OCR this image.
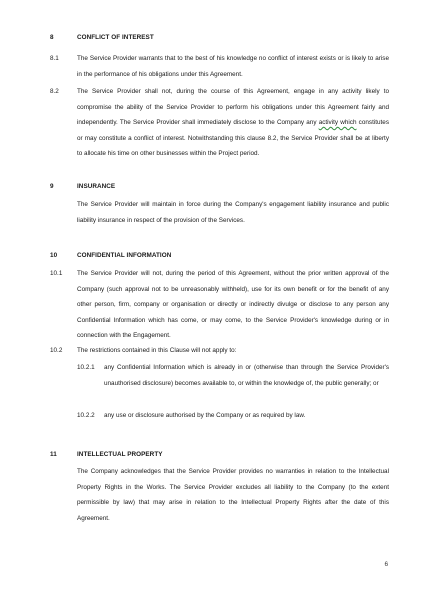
8	CONFLICT OF INTEREST
8.1	The Service Provider warrants that to the best of his knowledge no conflict of interest exists or is likely to arise in the performance of his obligations under this Agreement.
8.2	The Service Provider shall not, during the course of this Agreement, engage in any activity likely to compromise the ability of the Service Provider to perform his obligations under this Agreement fairly and independently. The Service Provider shall immediately disclose to the Company any activity which constitutes or may constitute a conflict of interest. Notwithstanding this clause 8.2, the Service Provider shall be at liberty to allocate his time on other businesses within the Project period.
9	INSURANCE
The Service Provider will maintain in force during the Company's engagement liability insurance and public liability insurance in respect of the provision of the Services.
10	CONFIDENTIAL INFORMATION
10.1 The Service Provider will not, during the period of this Agreement, without the prior written approval of the Company (such approval not to be unreasonably withheld), use for its own benefit or for the benefit of any other person, firm, company or organisation or directly or indirectly divulge or disclose to any person any Confidential Information which has come, or may come, to the Service Provider's knowledge during or in connection with the Engagement.
10.2 The restrictions contained in this Clause will not apply to:
10.2.1 any Confidential Information which is already in or (otherwise than through the Service Provider's unauthorised disclosure) becomes available to, or within the knowledge of, the public generally; or
10.2.2 any use or disclosure authorised by the Company or as required by law.
11	INTELLECTUAL PROPERTY
The Company acknowledges that the Service Provider provides no warranties in relation to the Intellectual Property Rights in the Works. The Service Provider excludes all liability to the Company (to the extent permissible by law) that may arise in relation to the Intellectual Property Rights after the date of this Agreement.
6
